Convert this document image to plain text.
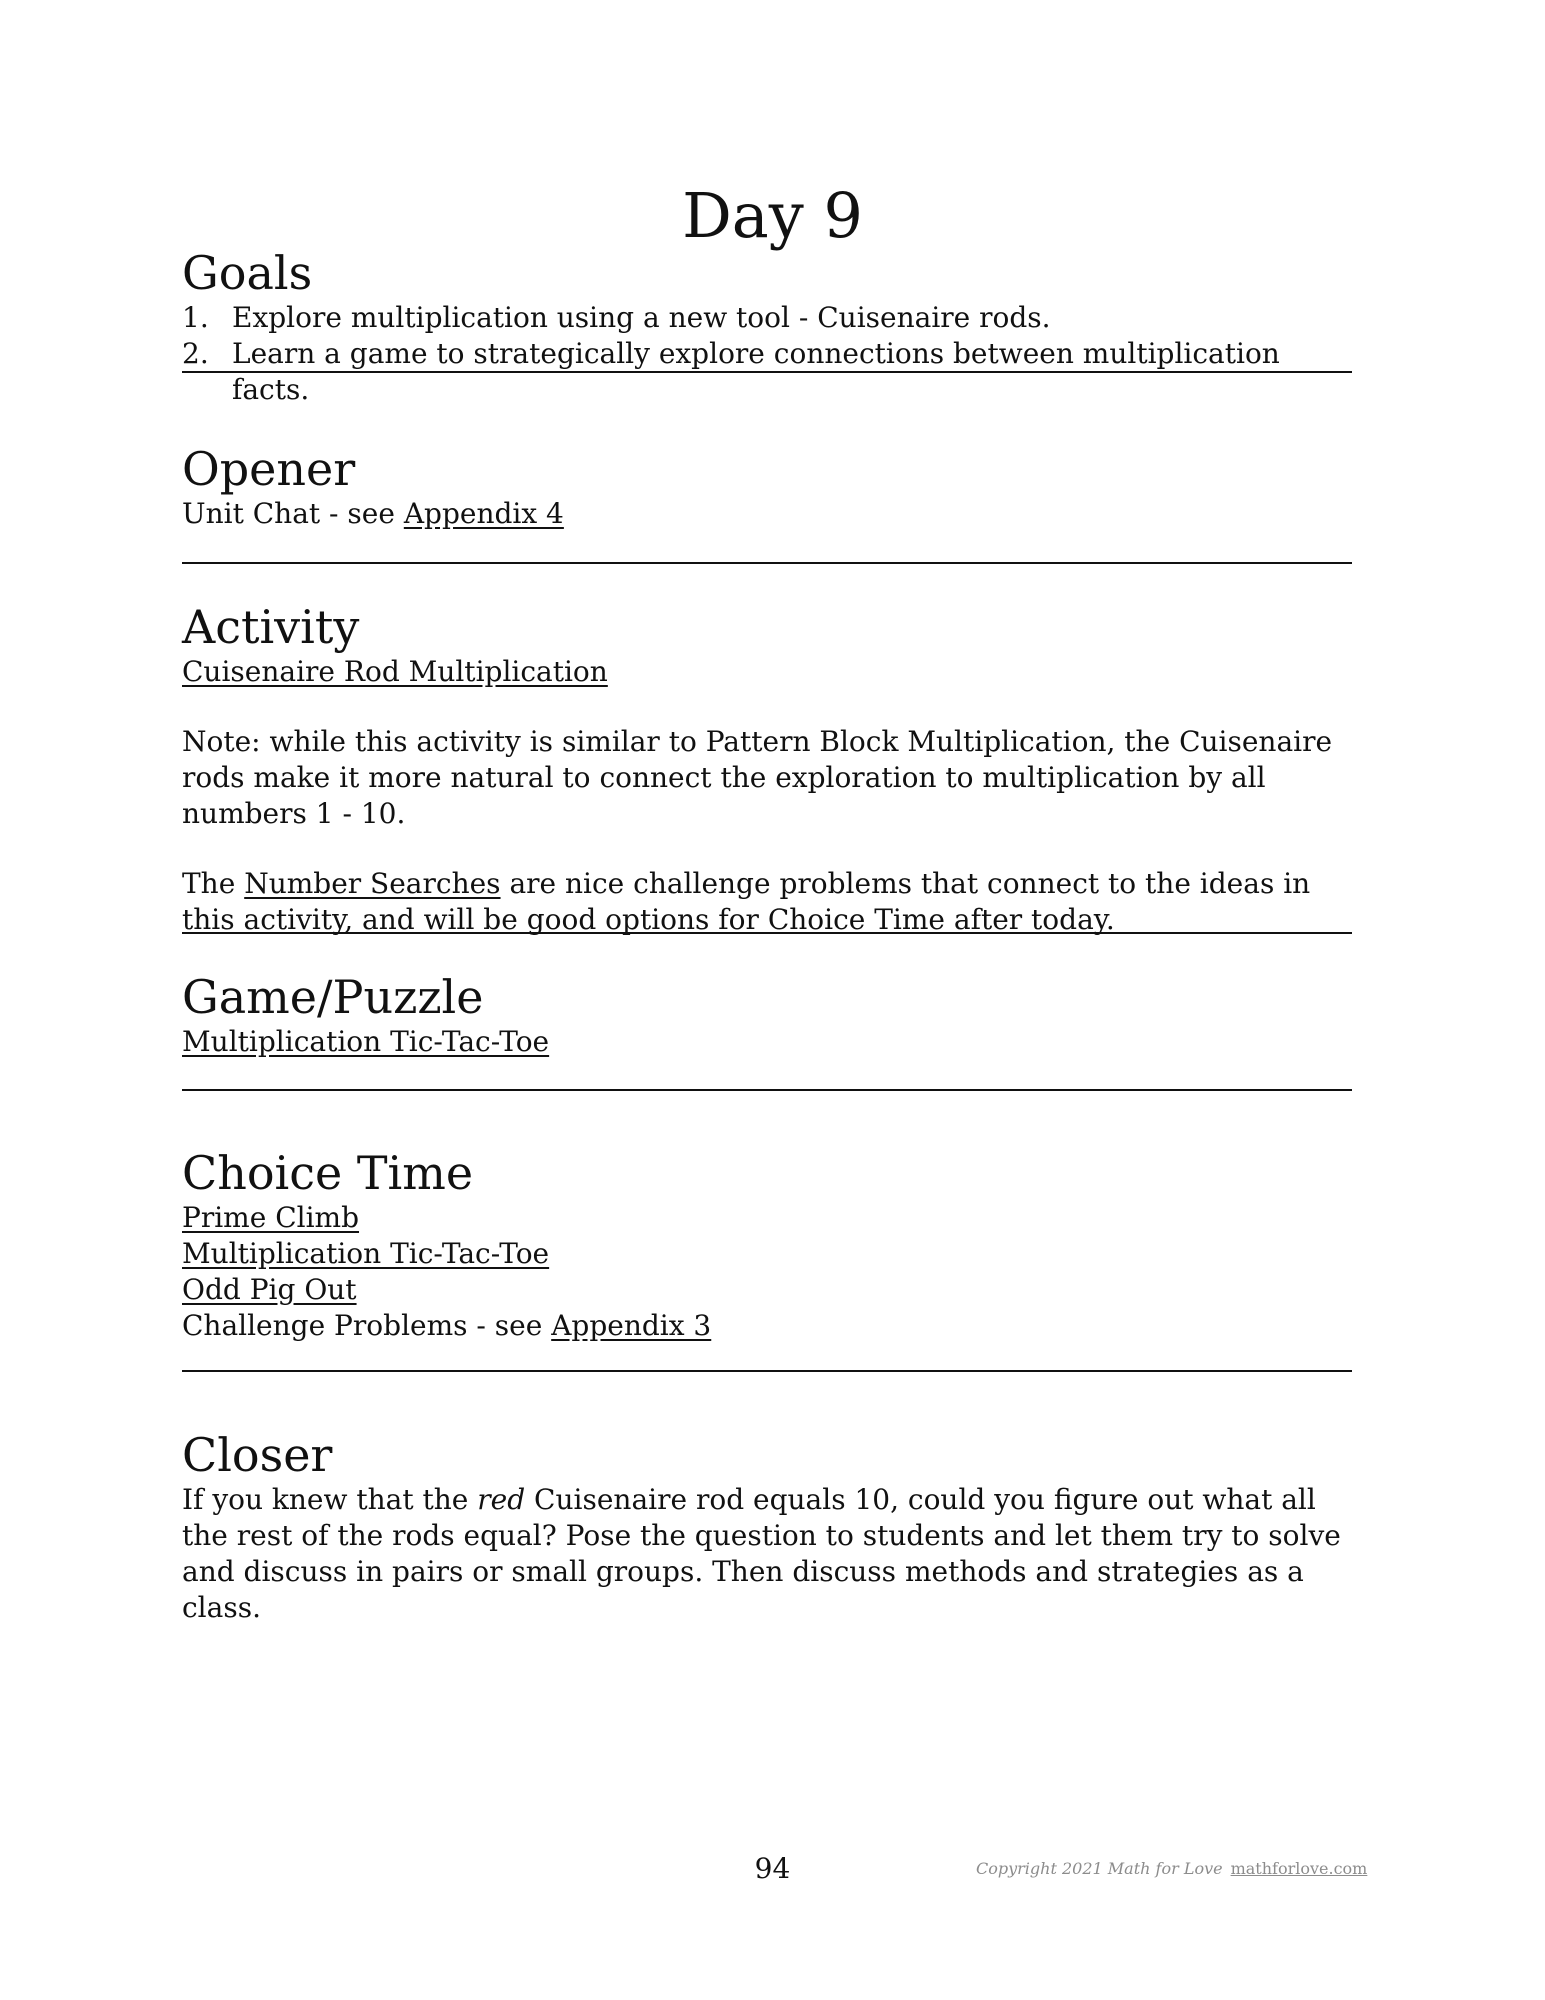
Day 9
Goals
1. Explore multiplication using a new tool - Cuisenaire rods.
2. Learn a game to strategically explore connections between multiplication facts.
Opener

Unit Chat - see Appendix 4

Activity

Cuisenaire Rod Multiplication

Note: while this activity is similar to Pattern Block Multiplication, the Cuisenaire rods make it more natural to connect the exploration to multiplication by all numbers 1 - 10.

The Number Searches are nice challenge problems that connect to the ideas in this activity, and will be good options for Choice Time after today.

Game/Puzzle

Multiplication Tic-Tac-Toe

Choice Time

Prime Climb

Multiplication Tic-Tac-Toe

Odd Pig Out

Challenge Problems - see Appendix 3

Closer

If you knew that the red Cuisenaire rod equals 10, could you figure out what all the rest of the rods equal? Pose the question to students and let them try to solve and discuss in pairs or small groups. Then discuss methods and strategies as a class.

94	Copyright 2021 Math for Love mathforlove.com
